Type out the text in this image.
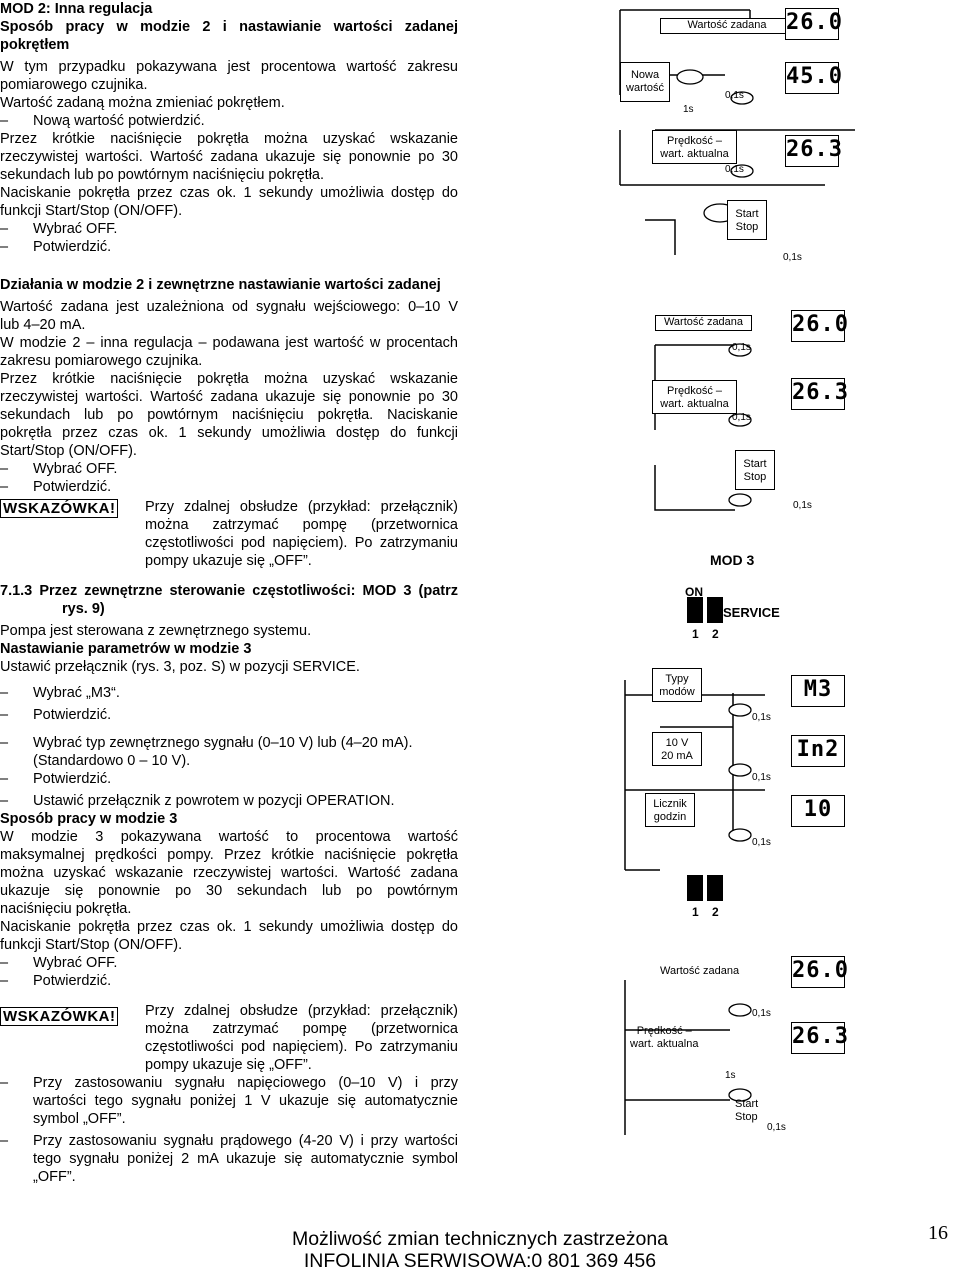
MOD 2: Inna regulacja
Sposób pracy w modzie 2 i nastawianie wartości zadanej
pokrętłem
W tym przypadku pokazywana jest procentowa wartość zakresu
pomiarowego czujnika.
Wartość zadaną można zmieniać pokrętłem.
– Nową wartość potwierdzić.
Przez krótkie naciśnięcie pokrętła można uzyskać wskazanie
rzeczywistej wartości. Wartość zadana ukazuje się ponownie po 30
sekundach lub po powtórnym naciśnięciu pokrętła.
Naciskanie pokrętła przez czas ok. 1 sekundy umożliwia dostęp do
funkcji Start/Stop (ON/OFF).
– Wybrać OFF.
– Potwierdzić.
Działania w modzie 2 i zewnętrzne nastawianie wartości zadanej
Wartość zadana jest uzależniona od sygnału wejściowego: 0–10 V
lub 4–20 mA.
W modzie 2 – inna regulacja – podawana jest wartość w procentach
zakresu pomiarowego czujnika.
Przez krótkie naciśnięcie pokrętła można uzyskać wskazanie
rzeczywistej wartości. Wartość zadana ukazuje się ponownie po 30
sekundach lub po powtórnym naciśnięciu pokrętła. Naciskanie
pokrętła przez czas ok. 1 sekundy umożliwia dostęp do funkcji
Start/Stop (ON/OFF).
– Wybrać OFF.
– Potwierdzić.
WSKAZÓWKA! Przy zdalnej obsłudze (przykład: przełącznik)
można zatrzymać pompę (przetwornica
częstotliwości pod napięciem). Po zatrzymaniu
pompy ukazuje się „OFF”.
7.1.3 Przez zewnętrzne sterowanie częstotliwości: MOD 3 (patrz
rys. 9)
Pompa jest sterowana z zewnętrznego systemu.
Nastawianie parametrów w modzie 3
Ustawić przełącznik (rys. 3, poz. S) w pozycji SERVICE.
– Wybrać „M3“.
– Potwierdzić.
– Wybrać typ zewnętrznego sygnału (0–10 V) lub (4–20 mA).
(Standardowo 0 – 10 V).
– Potwierdzić.
– Ustawić przełącznik z powrotem w pozycji OPERATION.
Sposób pracy w modzie 3
W modzie 3 pokazywana wartość to procentowa wartość
maksymalnej prędkości pompy. Przez krótkie naciśnięcie pokrętła
można uzyskać wskazanie rzeczywistej wartości. Wartość zadana
ukazuje się ponownie po 30 sekundach lub po powtórnym
naciśnięciu pokrętła.
Naciskanie pokrętła przez czas ok. 1 sekundy umożliwia dostęp do
funkcji Start/Stop (ON/OFF).
– Wybrać OFF.
– Potwierdzić.
WSKAZÓWKA! Przy zdalnej obsłudze (przykład: przełącznik)
można zatrzymać pompę (przetwornica
częstotliwości pod napięciem). Po zatrzymaniu
pompy ukazuje się „OFF”.
– Przy zastosowaniu sygnału napięciowego (0–10 V) i przy
wartości tego sygnału poniżej 1 V ukazuje się automatycznie
symbol „OFF”.
– Przy zastosowaniu sygnału prądowego (4-20 V) i przy wartości
tego sygnału poniżej 2 mA ukazuje się automatycznie symbol
„OFF”.
Wartość zadana
Nowa wartość
Prędkość –
wart. aktualna
Start
Stop
26.0
45.0
26.3
0,1s
1s
0,1s
0,1s
Wartość zadana
Prędkość –
wart. aktualna
Start
Stop
26.0
26.3
0,1s
0,1s
0,1s
MOD 3
ON
SERVICE
1 2
1 2
Typy
modów
10 V
20 mA
Licznik
godzin
M3
In2
10
0,1s
0,1s
0,1s
Wartość zadana
Prędkość –
wart. aktualna
Start
Stop
26.0
26.3
0,1s
1s
0,1s
Możliwość zmian technicznych zastrzeżona
INFOLINIA SERWISOWA:0 801 369 456
16
